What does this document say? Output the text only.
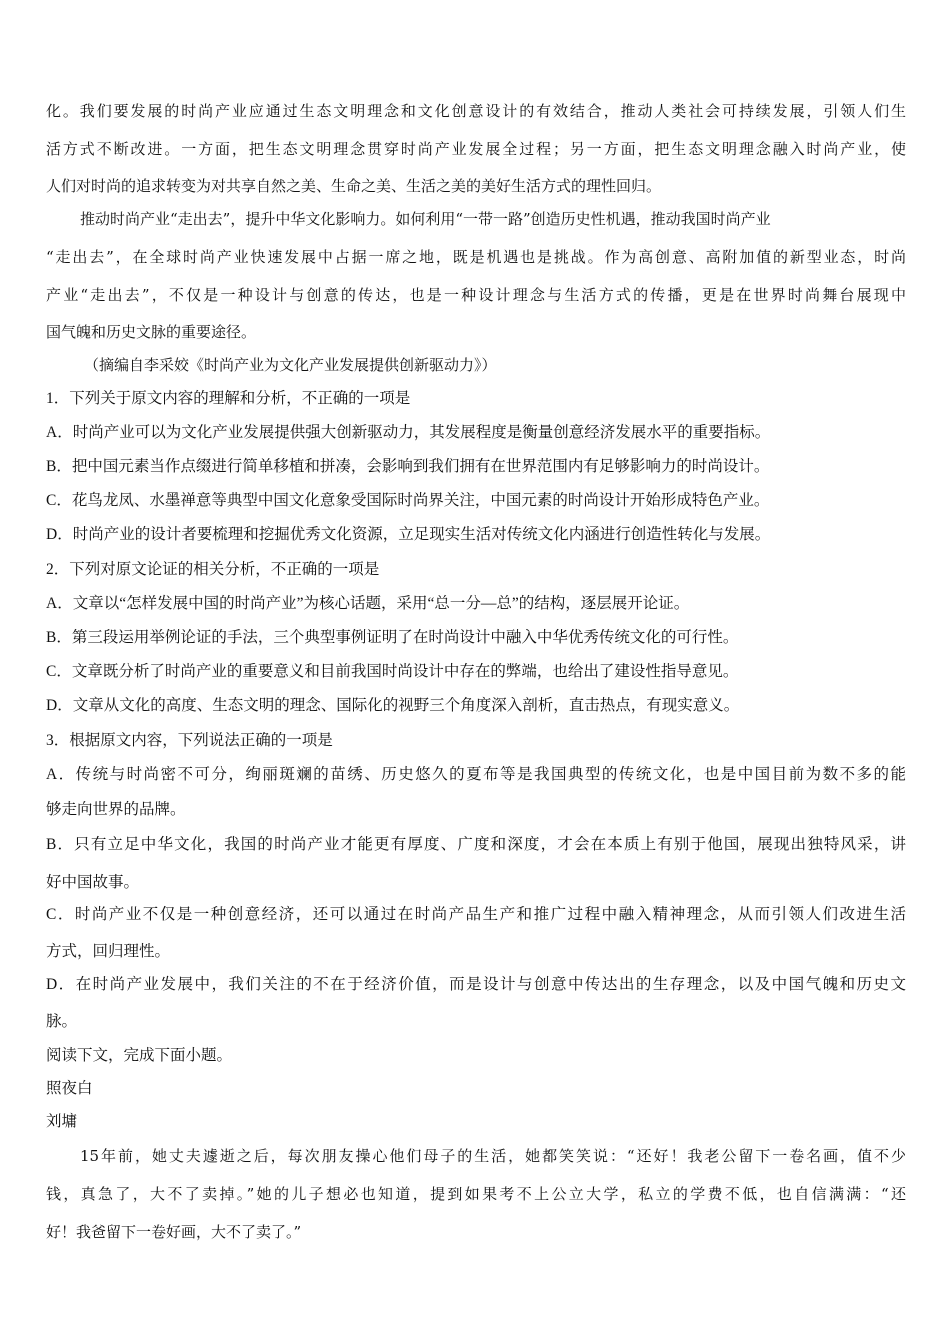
化。我们要发展的时尚产业应通过生态文明理念和文化创意设计的有效结合，推动人类社会可持续发展，引领人们生
活方式不断改进。一方面，把生态文明理念贯穿时尚产业发展全过程；另一方面，把生态文明理念融入时尚产业，使
人们对时尚的追求转变为对共享自然之美、生命之美、生活之美的美好生活方式的理性回归。
推动时尚产业“走出去”，提升中华文化影响力。如何利用“一带一路”创造历史性机遇，推动我国时尚产业
“走出去”，在全球时尚产业快速发展中占据一席之地，既是机遇也是挑战。作为高创意、高附加值的新型业态，时尚
产业“走出去”，不仅是一种设计与创意的传达，也是一种设计理念与生活方式的传播，更是在世界时尚舞台展现中
国气魄和历史文脉的重要途径。
（摘编自李采姣《时尚产业为文化产业发展提供创新驱动力》）
1．下列关于原文内容的理解和分析，不正确的一项是
A．时尚产业可以为文化产业发展提供强大创新驱动力，其发展程度是衡量创意经济发展水平的重要指标。
B．把中国元素当作点缀进行简单移植和拼凑，会影响到我们拥有在世界范围内有足够影响力的时尚设计。
C．花鸟龙凤、水墨禅意等典型中国文化意象受国际时尚界关注，中国元素的时尚设计开始形成特色产业。
D．时尚产业的设计者要梳理和挖掘优秀文化资源，立足现实生活对传统文化内涵进行创造性转化与发展。
2．下列对原文论证的相关分析，不正确的一项是
A．文章以“怎样发展中国的时尚产业”为核心话题，采用“总一分—总”的结构，逐层展开论证。
B．第三段运用举例论证的手法，三个典型事例证明了在时尚设计中融入中华优秀传统文化的可行性。
C．文章既分析了时尚产业的重要意义和目前我国时尚设计中存在的弊端，也给出了建设性指导意见。
D．文章从文化的高度、生态文明的理念、国际化的视野三个角度深入剖析，直击热点，有现实意义。
3．根据原文内容，下列说法正确的一项是
A．传统与时尚密不可分，绚丽斑斓的苗绣、历史悠久的夏布等是我国典型的传统文化，也是中国目前为数不多的能
够走向世界的品牌。
B．只有立足中华文化，我国的时尚产业才能更有厚度、广度和深度，才会在本质上有别于他国，展现出独特风采，讲
好中国故事。
C．时尚产业不仅是一种创意经济，还可以通过在时尚产品生产和推广过程中融入精神理念，从而引领人们改进生活
方式，回归理性。
D．在时尚产业发展中，我们关注的不在于经济价值，而是设计与创意中传达出的生存理念，以及中国气魄和历史文
脉。
阅读下文，完成下面小题。
照夜白
刘墉
15年前，她丈夫遽逝之后，每次朋友操心他们母子的生活，她都笑笑说：“还好！我老公留下一卷名画，值不少
钱，真急了，大不了卖掉。”她的儿子想必也知道，提到如果考不上公立大学，私立的学费不低，也自信满满：“还
好！我爸留下一卷好画，大不了卖了。”
